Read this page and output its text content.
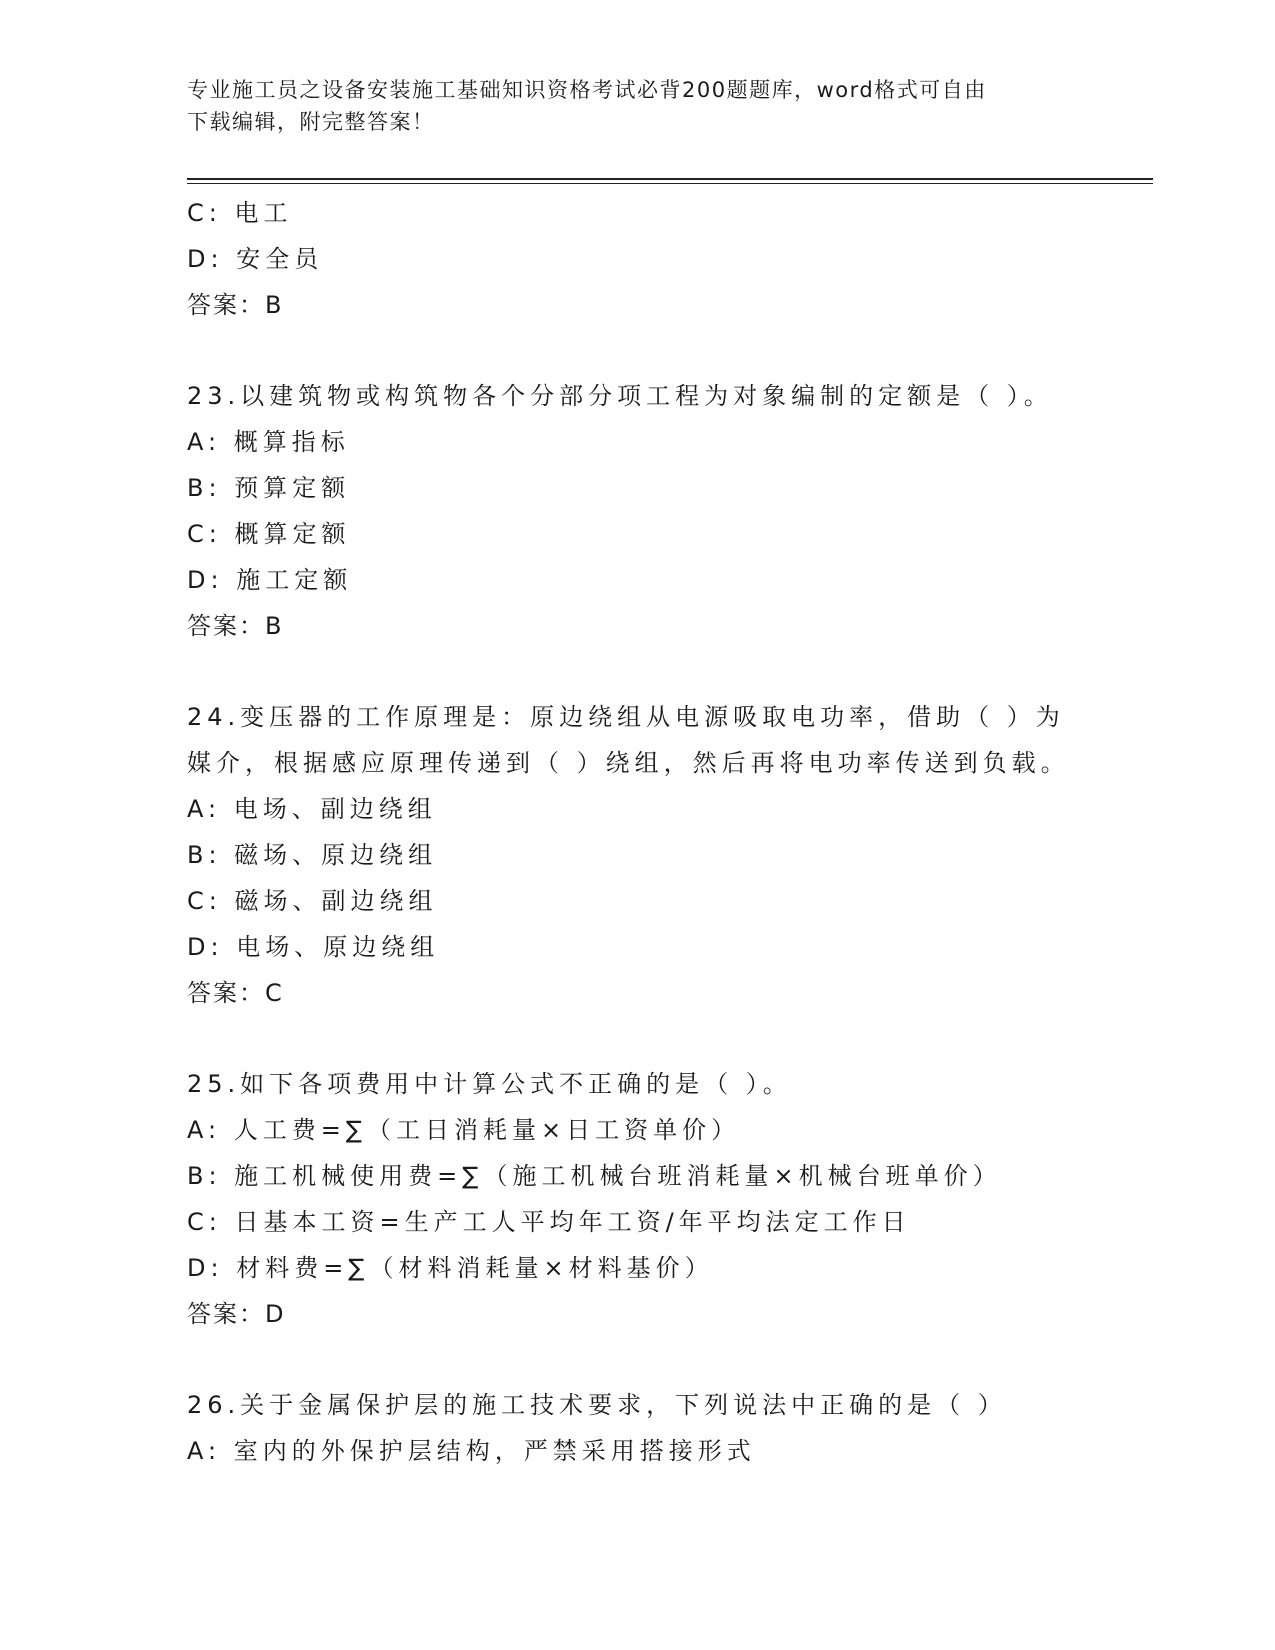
专业施工员之设备安装施工基础知识资格考试必背200题题库，word格式可自由
下载编辑，附完整答案！
C: 电工
D: 安全员
答案：B
23.以建筑物或构筑物各个分部分项工程为对象编制的定额是（ ）。
A: 概算指标
B: 预算定额
C: 概算定额
D: 施工定额
答案：B
24.变压器的工作原理是：原边绕组从电源吸取电功率，借助（ ）为
媒介，根据感应原理传递到（ ）绕组，然后再将电功率传送到负载。
A: 电场、副边绕组
B: 磁场、原边绕组
C: 磁场、副边绕组
D: 电场、原边绕组
答案：C
25.如下各项费用中计算公式不正确的是（ ）。
A: 人工费=∑（工日消耗量×日工资单价）
B: 施工机械使用费=∑（施工机械台班消耗量×机械台班单价）
C: 日基本工资=生产工人平均年工资/年平均法定工作日
D: 材料费=∑（材料消耗量×材料基价）
答案：D
26.关于金属保护层的施工技术要求，下列说法中正确的是（ ）
A: 室内的外保护层结构，严禁采用搭接形式
